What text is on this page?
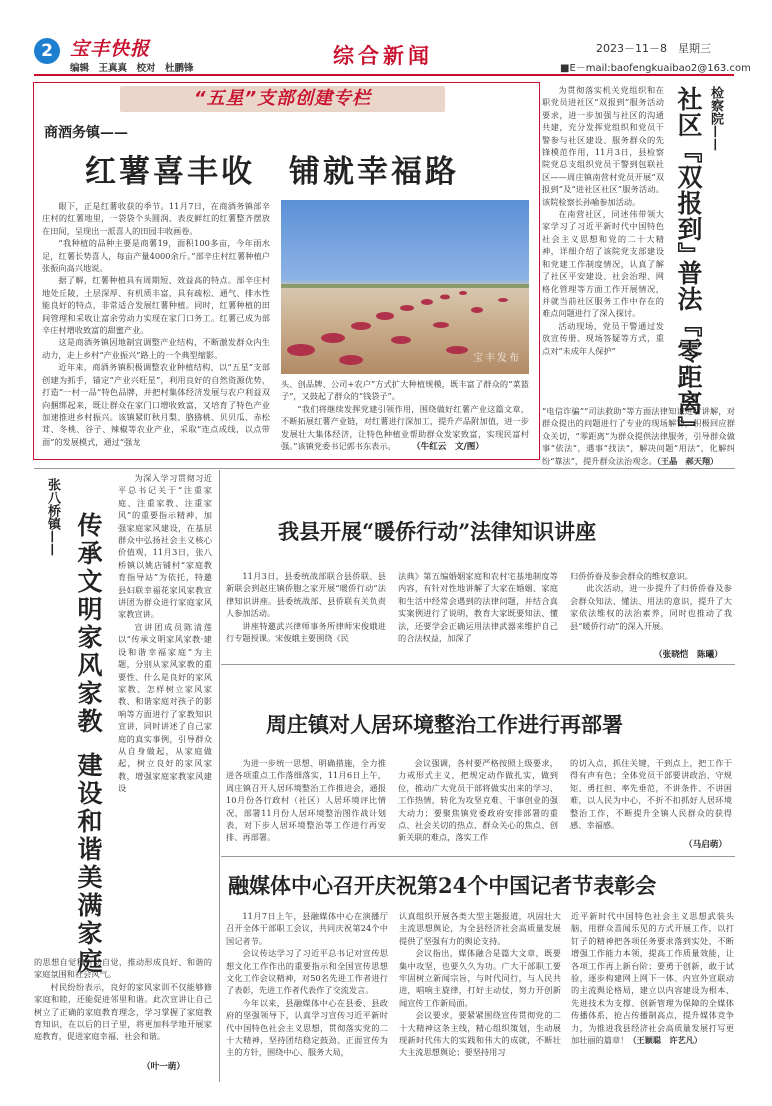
2 宝丰快报
编辑　王真真　校对　杜鹏锋
综合新闻	2023－11－8　星期三
■E－mail:baofengkuaibao2@163.com
“五星”支部创建专栏
商酒务镇——
红薯喜丰收　铺就幸福路

眼下，正是红薯收获的季节。11月7日，在商酒务镇部辛庄村的红薯地里，一袋袋个头圆润、表皮鲜红的红薯整齐摆放在田间，呈现出一派喜人的田园丰收画卷。

“我种植的品种主要是商薯19，面积100多亩，今年雨水足，红薯长势喜人，每亩产量4000余斤。”部辛庄村红薯种植户张振向高兴地说。

据了解，红薯种植具有周期短、效益高的特点。部辛庄村地处丘陵，土层深厚、有机质丰富，具有疏松、通气、排水性能良好的特点，非常适合发展红薯种植。同时，红薯种植的田间管理和采收让富余劳动力实现在家门口务工。红薯已成为部辛庄村增收致富的甜蜜产业。

这是商酒务镇因地制宜调整产业结构，不断激发群众内生动力，走上乡村“产业振兴”路上的一个典型缩影。

近年来，商酒务镇积极调整农业种植结构，以“五星”支部创建为抓手，锚定“产业兴旺星”，利用良好的自然资源优势，打造“一村一品”特色品牌，并把村集体经济发展与农户利益双向捆绑起来，既让群众在家门口增收致富，又培育了特色产业加速推进乡村振兴。该镇紧盯秋月梨、胳猕桃、贝贝瓜、赤松茸、冬桃、谷子、辣椒等农业产业，采取“连点成线，以点带面”的发展模式，通过“强龙

宝丰发布

头、创品牌、公司+农户”方式扩大种植规模，既丰富了群众的“菜篮子”，又鼓起了群众的“钱袋子”。

“我们将继续发挥党建引领作用，围绕做好红薯产业这篇文章，不断拓展红薯产业链，对红薯进行深加工，提升产品附加值，进一步发展壮大集体经济，让特色种植业帮助群众发家致富，实现民富村强。”该镇党委书记郭书东表示。	（牛红云　文/图）

为贯彻落实机关党组织和在职党员进社区“双报到”服务活动要求，进一步加强与社区的沟通共建，充分发挥党组织和党员干警参与社区建设、服务群众的先锋模范作用，11月3日，县检察院党总支组织党员干警到包联社区——周庄镇南营村党员开展“双报到”及“进社区社区”服务活动。该院检察长孙喻参加活动。

在南营社区，同述伟带领大家学习了习近平新时代中国特色社会主义思想和党的二十大精神，详细介绍了该院党支部建设和党建工作制度情况，认真了解了社区平安建设、社会治理、网格化管理等方面工作开展情况，并就当前社区服务工作中存在的难点问题进行了深入探讨。

活动现场，党员干警通过发放宣传册、现场答疑等方式，重点对“未成年人保护”

检察院——
社区『双报到』
普法『零距离』

“电信诈骗”“司法救助”等方面法律知识进行讲解，对群众提出的问题进行了专业的现场解答，积极回应群众关切，“零距离”为群众提供法律服务，引导群众做事“依法”，遇事“找法”，解决问题“用法”，化解纠纷“靠法”，提升群众法治观念。（王晶　郝天翔）

张八桥镇—— 传承文明家风家教
建设和谐美满家庭

为深入学习贯彻习近平总书记关于“注重家庭、注重家教、注重家风”的重要指示精神，加强家庭家风建设，在基层群众中弘扬社会主义核心价值观，11月3日，张八桥镇以姚店铺村“家庭教育指导站”为依托，特邀县妇联幸福花家风家教宣讲团为群众进行家庭家风家教宣讲。

宣讲团成员陈清莲以“传承文明家风家教·建设和谐幸福家庭”为主题，分别从家风家教的重要性、什么是良好的家风家教、怎样树立家风家教、和谐家庭对孩子的影响等方面进行了家教知识宣讲，同时讲述了自己家庭的真实事例，引导群众从自身做起，从家庭做起，树立良好的家风家教，增强家庭家教家风建设

的思想自觉和行动自觉，推动形成良好、和谐的家庭氛围和社会风气。

村民纷纷表示，良好的家风家训不仅能够修家庭和睦，还能促进邻里和谐。此次宣讲让自己树立了正确的家庭教育理念，学习掌握了家庭教育知识，在以后的日子里，将更加科学地开展家庭教育，促进家庭幸福、社会和谐。

（叶一萌）
我县开展“暖侨行动”法律知识讲座

11月3日，县委统战部联合县侨联、县新联会到赵庄镇侨胞之家开展“暖侨行动”法律知识讲座。县委统战部、县侨联有关负责人参加活动。

讲座特邀武兴律师事务所律师宋俊娥进行专题授课。宋俊娥主要围绕《民

法典》第五编婚姻家庭和农村宅基地制度等内容，有针对性地讲解了大家在婚姻、家庭和生活中经常会遇到的法律问题，并结合真实案例进行了说明，教育大家既要知法、懂法，还要学会正确运用法律武器来维护自己的合法权益，加深了

归侨侨眷及参会群众的维权意识。

此次活动，进一步提升了归侨侨眷及参会群众知法、懂法、用法的意识，提升了大家依法维权的法治素养，同时也推动了我县“暖侨行动”的深入开展。

（张晓恺　陈曦）
周庄镇对人居环境整治工作进行再部署

为进一步统一思想、明确措施，全力推进各项重点工作落细落实，11月6日上午，周庄镇召开人居环境整治工作推进会，通报10月份各行政村（社区）人居环境评比情况，部署11月份人居环境整治图作战计划表，对下步人居环境整治等工作进行再安排、再部署。

会议强调，各村要严格按照上级要求，力戒形式主义，把规定动作做扎实，做到位，推动广大党员干部将做实出来的学习、工作热情，转化为攻坚克难、干事创业的强大动力；要聚焦镇党委政府安排部署的重点、社会关切的热点、群众关心的焦点、创新关联的难点，落实工作

的切入点，抓住关键，干到点上，把工作干得有声有色；全体党员干部要讲政治、守规矩、勇扛担、率先垂范，不讲条件、不讲困难，以人民为中心，不折不扣抓好人居环境整治工作，不断提升全镇人民群众的获得感、幸福感。

（马启萌）
融媒体中心召开庆祝第24个中国记者节表彰会

11月7日上午，县融媒体中心在演播厅召开全体干部职工会议，共同庆祝第24个中国记者节。

会议传达学习了习近平总书记对宣传思想文化工作作出的重要指示和全国宣传思想文化工作会议精神，对50名先进工作者进行了表彰，先进工作者代表作了交流发言。

今年以来，县融媒体中心在县委、县政府的坚强领导下，认真学习宣传习近平新时代中国特色社会主义思想，贯彻落实党的二十大精神，坚持团结稳定鼓劲、正面宣传为主的方针，围绕中心、服务大局，

认真组织开展各类大型主题报道，巩固壮大主流思想舆论，为全县经济社会高质量发展提供了坚强有力的舆论支持。

会议指出，媒体融合是篇大文章，既要集中攻坚，也要久久为功。广大干部职工要牢固树立新闻宗旨，与时代同行，与人民共进，唱响主旋律，打好主动仗，努力开创新闻宣传工作新局面。

会议要求，要紧紧围绕宣传贯彻党的二十大精神这条主线，精心组织策划，生动展现新时代伟大的实践和伟大的成就，不断壮大主流思想舆论；要坚持用习

近平新时代中国特色社会主义思想武装头脑，用群众喜闻乐见的方式开展工作，以打钉子的精神把各项任务要求落到实处，不断增强工作能力本领，提高工作质量效能，让各项工作再上新台阶；要勇于创新，敢于试验，逐步构建网上网下一体、内宣外宣联动的主流舆论格局，建立以内容建设为根本、先进技术为支撑、创新管理为保障的全媒体传播体系，抢占传播制高点，提升媒体竞争力，为推进我县经济社会高质量发展打写更加壮丽的篇章！（王颖聪　许艺凡）
